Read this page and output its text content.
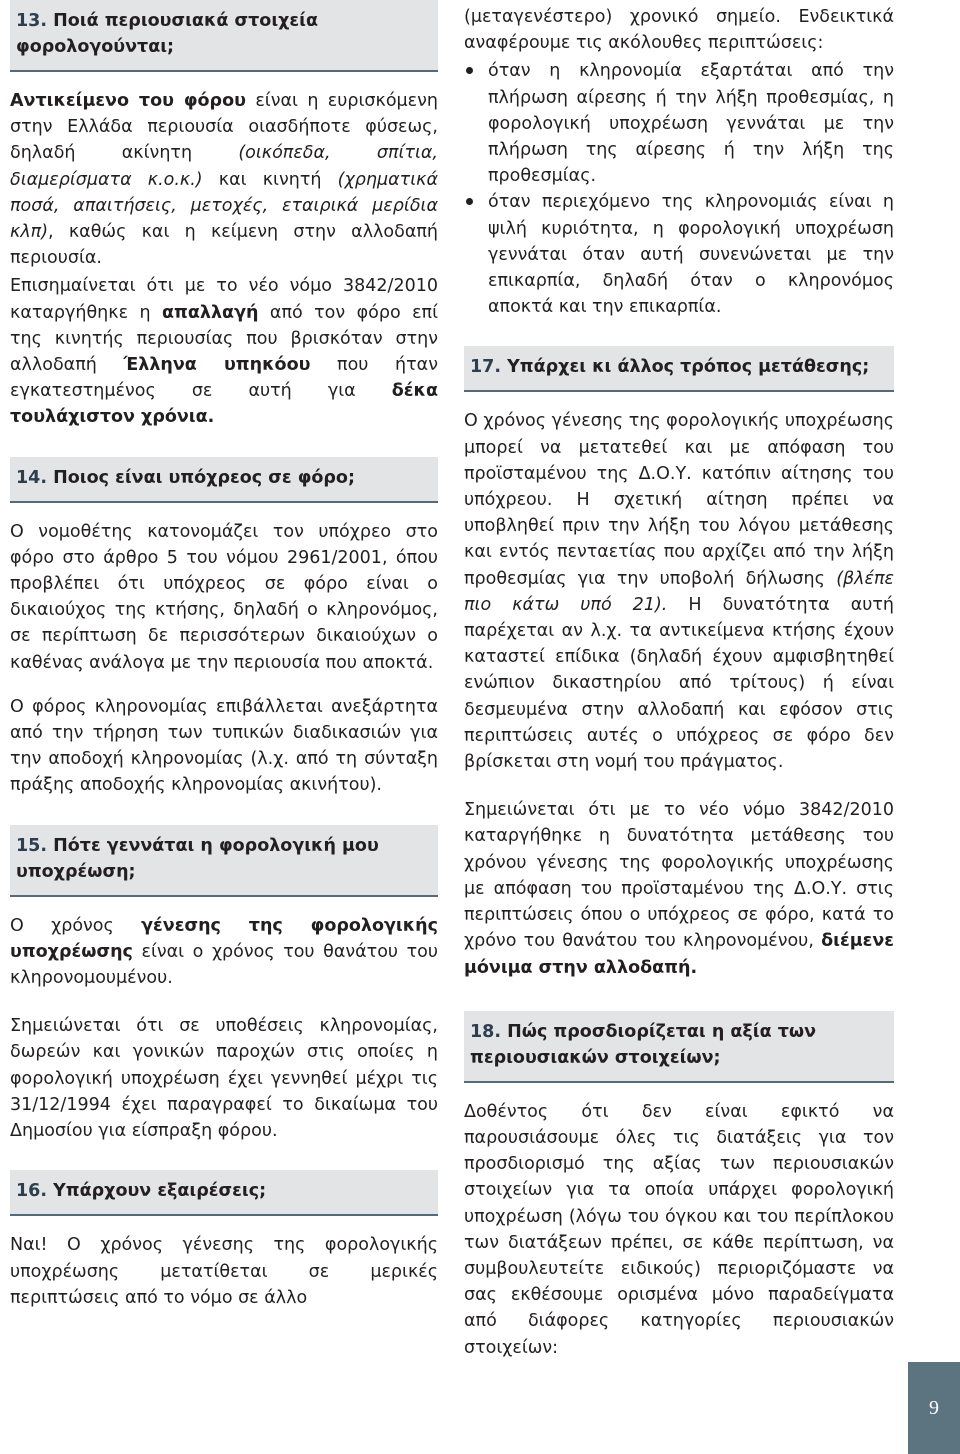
13. Ποιά περιουσιακά στοιχεία φορολογούνται;

Αντικείμενο του φόρου είναι η ευρισκόμενη στην Ελλάδα περιουσία οιασδήποτε φύσεως, δηλαδή ακίνητη (οικόπεδα, σπίτια, διαμερίσματα κ.ο.κ.) και κινητή (χρηματικά ποσά, απαιτήσεις, μετοχές, εταιρικά μερίδια κλπ), καθώς και η κείμενη στην αλλοδαπή περιουσία.

Επισημαίνεται ότι με το νέο νόμο 3842/2010 καταργήθηκε η απαλλαγή από τον φόρο επί της κινητής περιουσίας που βρισκόταν στην αλλοδαπή Έλληνα υπηκόου που ήταν εγκατεστημένος σε αυτή για δέκα τουλάχιστον χρόνια.

14. Ποιος είναι υπόχρεος σε φόρο;

Ο νομοθέτης κατονομάζει τον υπόχρεο στο φόρο στο άρθρο 5 του νόμου 2961/2001, όπου προβλέπει ότι υπόχρεος σε φόρο είναι ο δικαιούχος της κτήσης, δηλαδή ο κληρονόμος, σε περίπτωση δε περισσότερων δικαιούχων ο καθένας ανάλογα με την περιουσία που αποκτά.

Ο φόρος κληρονομίας επιβάλλεται ανεξάρτητα από την τήρηση των τυπικών διαδικασιών για την αποδοχή κληρονομίας (λ.χ. από τη σύνταξη πράξης αποδοχής κληρονομίας ακινήτου).

15. Πότε γεννάται η φορολογική μου υποχρέωση;

Ο χρόνος γένεσης της φορολογικής υποχρέωσης είναι ο χρόνος του θανάτου του κληρονομουμένου.

Σημειώνεται ότι σε υποθέσεις κληρονομίας, δωρεών και γονικών παροχών στις οποίες η φορολογική υποχρέωση έχει γεννηθεί μέχρι τις 31/12/1994 έχει παραγραφεί το δικαίωμα του Δημοσίου για είσπραξη φόρου.

16. Υπάρχουν εξαιρέσεις;

Ναι! Ο χρόνος γένεσης της φορολογικής υποχρέωσης μετατίθεται σε μερικές περιπτώσεις από το νόμο σε άλλο

(μεταγενέστερο) χρονικό σημείο. Ενδεικτικά αναφέρουμε τις ακόλουθες περιπτώσεις:

όταν η κληρονομία εξαρτάται από την πλήρωση αίρεσης ή την λήξη προθεσμίας, η φορολογική υποχρέωση γεννάται με την πλήρωση της αίρεσης ή την λήξη της προθεσμίας.
όταν περιεχόμενο της κληρονομιάς είναι η ψιλή κυριότητα, η φορολογική υποχρέωση γεννάται όταν αυτή συνενώνεται με την επικαρπία, δηλαδή όταν ο κληρονόμος αποκτά και την επικαρπία.
17. Υπάρχει κι άλλος τρόπος μετάθεσης;

Ο χρόνος γένεσης της φορολογικής υποχρέωσης μπορεί να μετατεθεί και με απόφαση του προϊσταμένου της Δ.Ο.Υ. κατόπιν αίτησης του υπόχρεου. Η σχετική αίτηση πρέπει να υποβληθεί πριν την λήξη του λόγου μετάθεσης και εντός πενταετίας που αρχίζει από την λήξη προθεσμίας για την υποβολή δήλωσης (βλέπε πιο κάτω υπό 21). Η δυνατότητα αυτή παρέχεται αν λ.χ. τα αντικείμενα κτήσης έχουν καταστεί επίδικα (δηλαδή έχουν αμφισβητηθεί ενώπιον δικαστηρίου από τρίτους) ή είναι δεσμευμένα στην αλλοδαπή και εφόσον στις περιπτώσεις αυτές ο υπόχρεος σε φόρο δεν βρίσκεται στη νομή του πράγματος.

Σημειώνεται ότι με το νέο νόμο 3842/2010 καταργήθηκε η δυνατότητα μετάθεσης του χρόνου γένεσης της φορολογικής υποχρέωσης με απόφαση του προϊσταμένου της Δ.Ο.Υ. στις περιπτώσεις όπου ο υπόχρεος σε φόρο, κατά το χρόνο του θανάτου του κληρονομένου, διέμενε μόνιμα στην αλλοδαπή.

18. Πώς προσδιορίζεται η αξία των περιουσιακών στοιχείων;

Δοθέντος ότι δεν είναι εφικτό να παρουσιάσουμε όλες τις διατάξεις για τον προσδιορισμό της αξίας των περιουσιακών στοιχείων για τα οποία υπάρχει φορολογική υποχρέωση (λόγω του όγκου και του περίπλοκου των διατάξεων πρέπει, σε κάθε περίπτωση, να συμβουλευτείτε ειδικούς) περιοριζόμαστε να σας εκθέσουμε ορισμένα μόνο παραδείγματα από διάφορες κατηγορίες περιουσιακών στοιχείων:

9
